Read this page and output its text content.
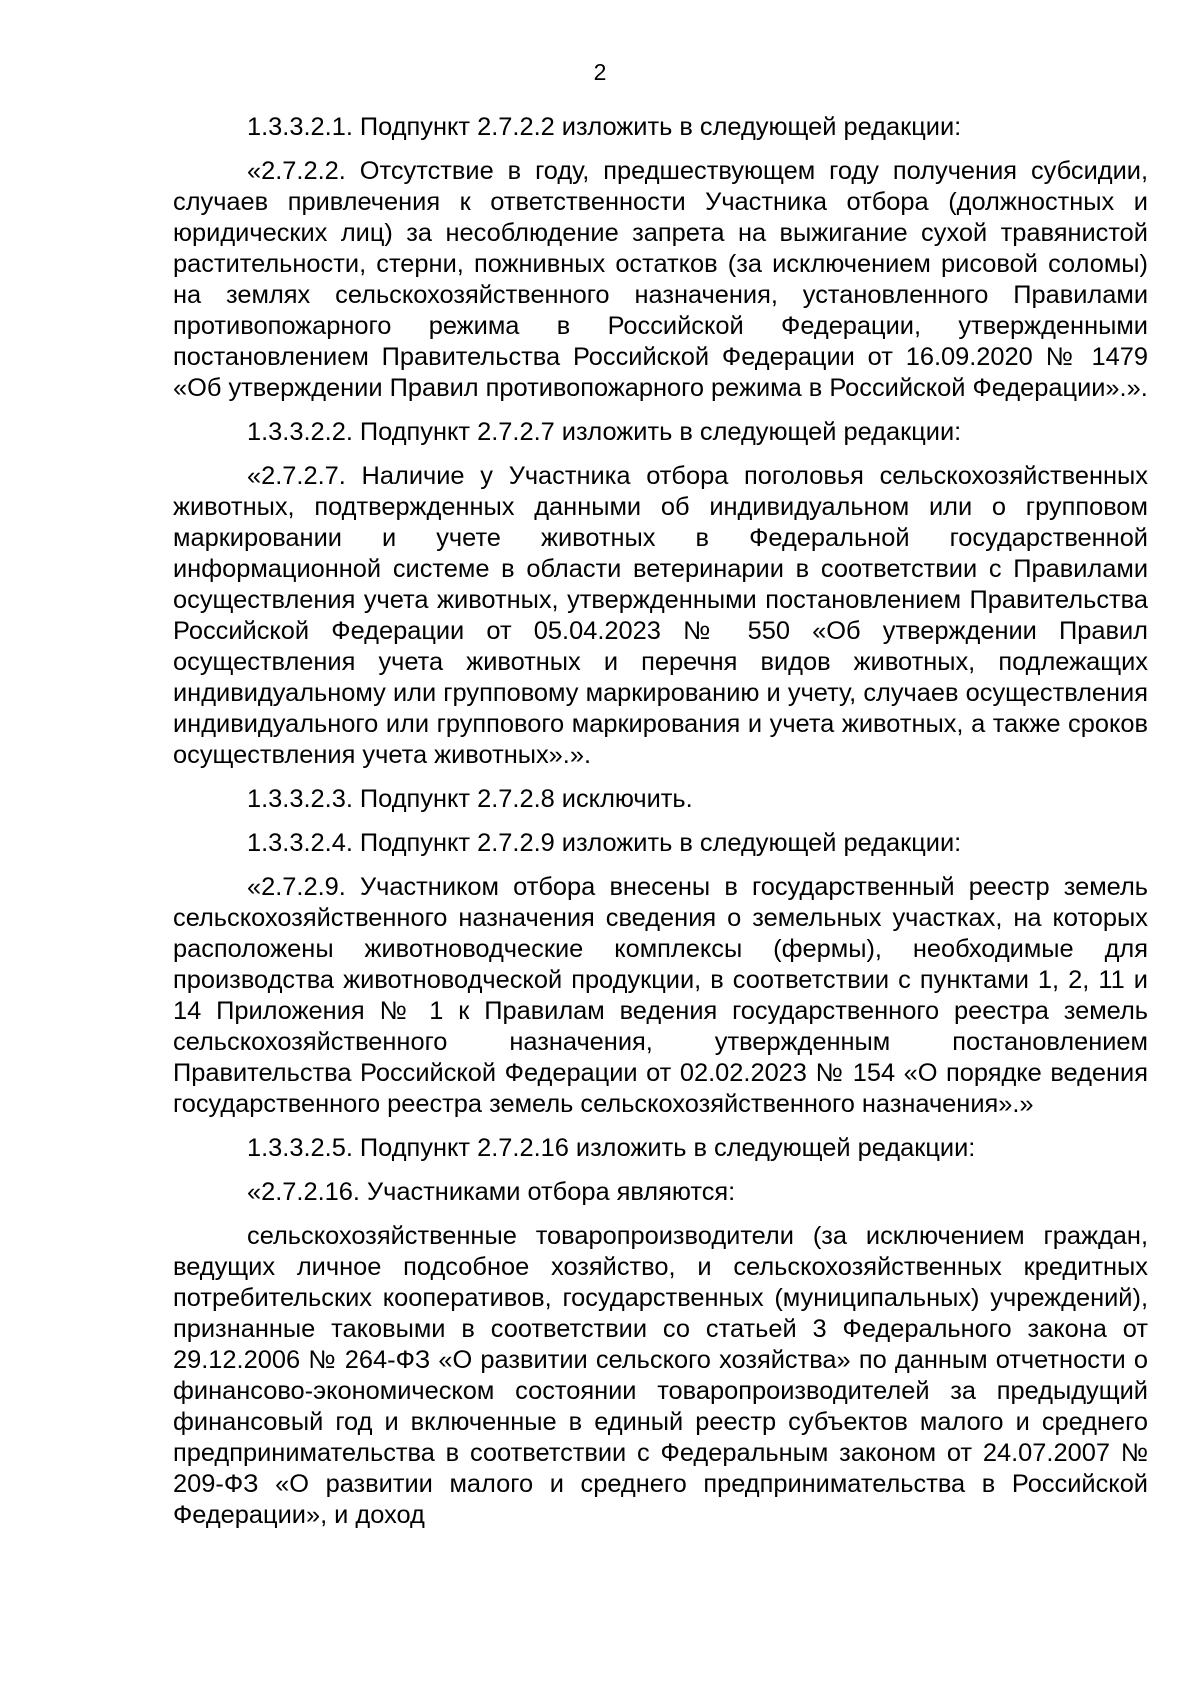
2

1.3.3.2.1. Подпункт 2.7.2.2 изложить в следующей редакции:

«2.7.2.2. Отсутствие в году, предшествующем году получения субсидии, случаев привлечения к ответственности Участника отбора (должностных и юридических лиц) за несоблюдение запрета на выжигание сухой травянистой растительности, стерни, пожнивных остатков (за исключением рисовой соломы) на землях сельскохозяйственного назначения, установленного Правилами противопожарного режима в Российской Федерации, утвержденными постановлением Правительства Российской Федерации от 16.09.2020 № 1479 «Об утверждении Правил противопожарного режима в Российской Федерации».».

1.3.3.2.2. Подпункт 2.7.2.7 изложить в следующей редакции:

«2.7.2.7. Наличие у Участника отбора поголовья сельскохозяйственных животных, подтвержденных данными об индивидуальном или о групповом маркировании и учете животных в Федеральной государственной информационной системе в области ветеринарии в соответствии с Правилами осуществления учета животных, утвержденными постановлением Правительства Российской Федерации от 05.04.2023 № 550 «Об утверждении Правил осуществления учета животных и перечня видов животных, подлежащих индивидуальному или групповому маркированию и учету, случаев осуществления индивидуального или группового маркирования и учета животных, а также сроков осуществления учета животных».».

1.3.3.2.3. Подпункт 2.7.2.8 исключить.

1.3.3.2.4. Подпункт 2.7.2.9 изложить в следующей редакции:

«2.7.2.9. Участником отбора внесены в государственный реестр земель сельскохозяйственного назначения сведения о земельных участках, на которых расположены животноводческие комплексы (фермы), необходимые для производства животноводческой продукции, в соответствии с пунктами 1, 2, 11 и 14 Приложения № 1 к Правилам ведения государственного реестра земель сельскохозяйственного назначения, утвержденным постановлением Правительства Российской Федерации от 02.02.2023 № 154 «О порядке ведения государственного реестра земель сельскохозяйственного назначения».»

1.3.3.2.5. Подпункт 2.7.2.16 изложить в следующей редакции:

«2.7.2.16. Участниками отбора являются:

сельскохозяйственные товаропроизводители (за исключением граждан, ведущих личное подсобное хозяйство, и сельскохозяйственных кредитных потребительских кооперативов, государственных (муниципальных) учреждений), признанные таковыми в соответствии со статьей 3 Федерального закона от 29.12.2006 № 264-ФЗ «О развитии сельского хозяйства» по данным отчетности о финансово-экономическом состоянии товаропроизводителей за предыдущий финансовый год и включенные в единый реестр субъектов малого и среднего предпринимательства в соответствии с Федеральным законом от 24.07.2007 № 209-ФЗ «О развитии малого и среднего предпринимательства в Российской Федерации», и доход
